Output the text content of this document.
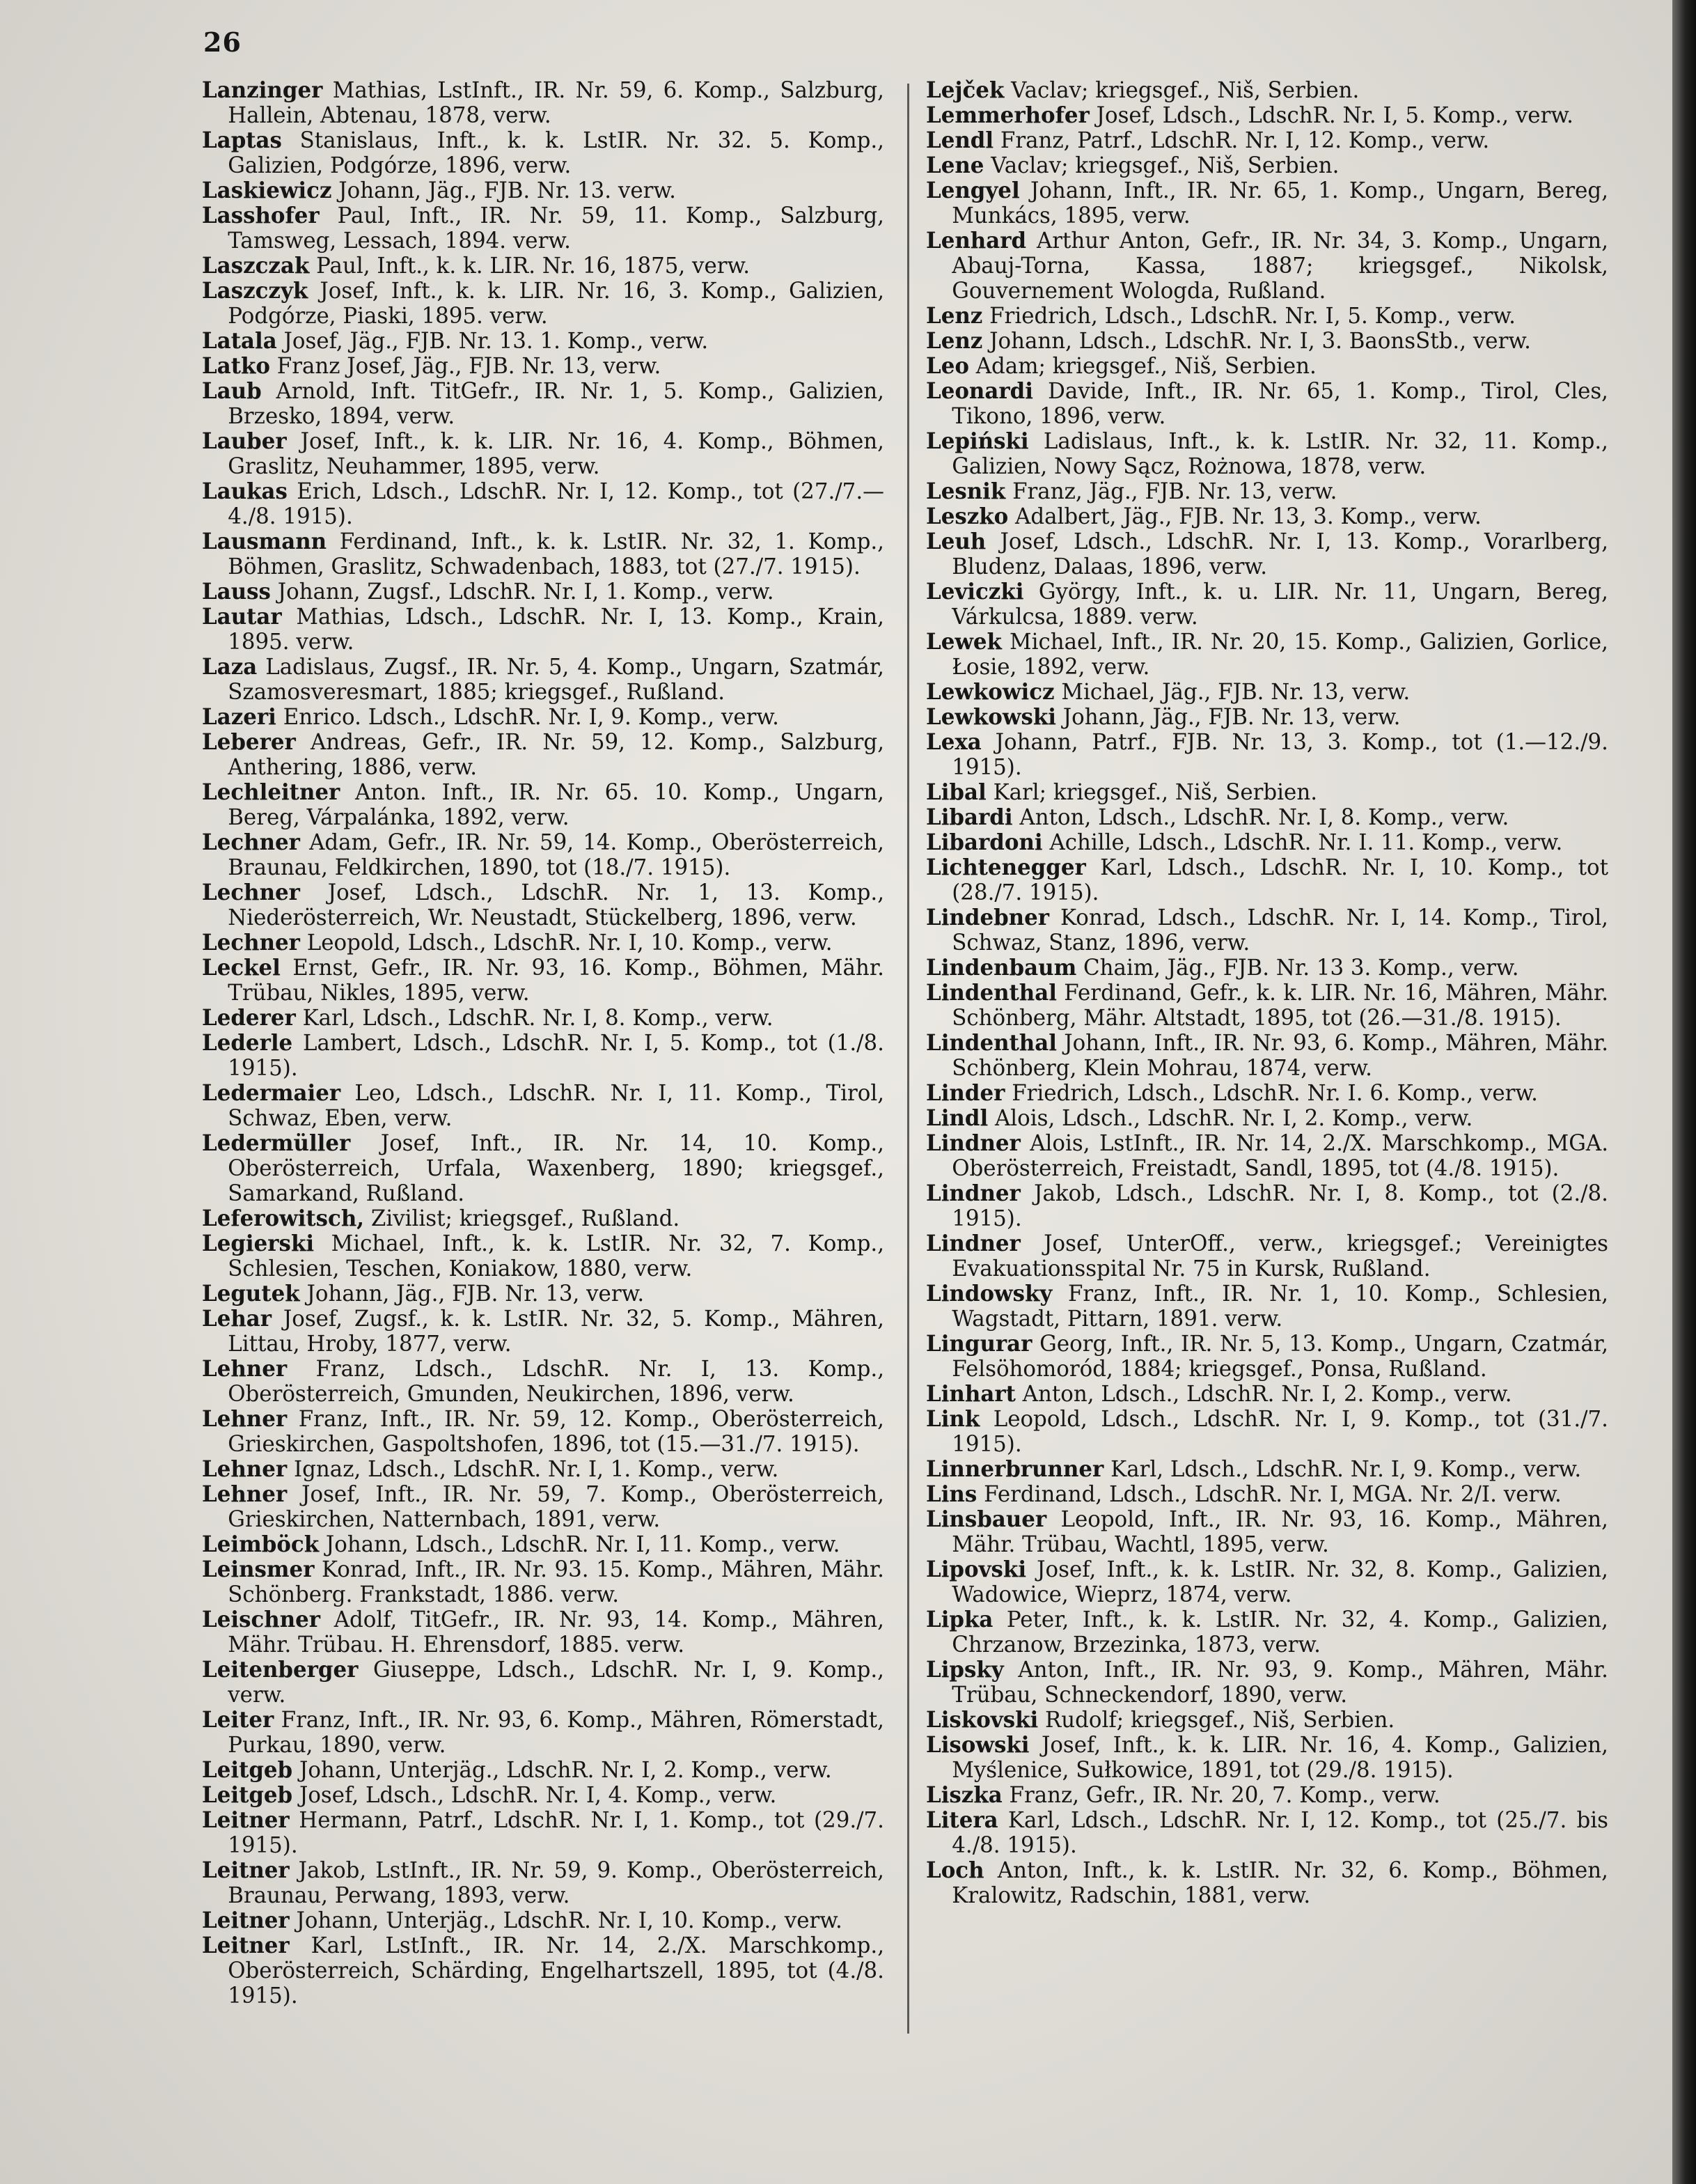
26

Lanzinger Mathias, LstInft., IR. Nr. 59, 6. Komp., Salzburg, Hallein, Abtenau, 1878, verw.

Laptas Stanislaus, Inft., k. k. LstIR. Nr. 32. 5. Komp., Galizien, Podgórze, 1896, verw.

Laskiewicz Johann, Jäg., FJB. Nr. 13. verw.

Lasshofer Paul, Inft., IR. Nr. 59, 11. Komp., Salzburg, Tamsweg, Lessach, 1894. verw.

Laszczak Paul, Inft., k. k. LIR. Nr. 16, 1875, verw.

Laszczyk Josef, Inft., k. k. LIR. Nr. 16, 3. Komp., Galizien, Podgórze, Piaski, 1895. verw.

Latala Josef, Jäg., FJB. Nr. 13. 1. Komp., verw.

Latko Franz Josef, Jäg., FJB. Nr. 13, verw.

Laub Arnold, Inft. TitGefr., IR. Nr. 1, 5. Komp., Galizien, Brzesko, 1894, verw.

Lauber Josef, Inft., k. k. LIR. Nr. 16, 4. Komp., Böhmen, Graslitz, Neuhammer, 1895, verw.

Laukas Erich, Ldsch., LdschR. Nr. I, 12. Komp., tot (27./7.—4./8. 1915).

Lausmann Ferdinand, Inft., k. k. LstIR. Nr. 32, 1. Komp., Böhmen, Graslitz, Schwadenbach, 1883, tot (27./7. 1915).

Lauss Johann, Zugsf., LdschR. Nr. I, 1. Komp., verw.

Lautar Mathias, Ldsch., LdschR. Nr. I, 13. Komp., Krain, 1895. verw.

Laza Ladislaus, Zugsf., IR. Nr. 5, 4. Komp., Ungarn, Szatmár, Szamosveresmart, 1885; kriegsgef., Rußland.

Lazeri Enrico. Ldsch., LdschR. Nr. I, 9. Komp., verw.

Leberer Andreas, Gefr., IR. Nr. 59, 12. Komp., Salzburg, Anthering, 1886, verw.

Lechleitner Anton. Inft., IR. Nr. 65. 10. Komp., Ungarn, Bereg, Várpalánka, 1892, verw.

Lechner Adam, Gefr., IR. Nr. 59, 14. Komp., Oberösterreich, Braunau, Feldkirchen, 1890, tot (18./7. 1915).

Lechner Josef, Ldsch., LdschR. Nr. 1, 13. Komp., Niederösterreich, Wr. Neustadt, Stückelberg, 1896, verw.

Lechner Leopold, Ldsch., LdschR. Nr. I, 10. Komp., verw.

Leckel Ernst, Gefr., IR. Nr. 93, 16. Komp., Böhmen, Mähr. Trübau, Nikles, 1895, verw.

Lederer Karl, Ldsch., LdschR. Nr. I, 8. Komp., verw.

Lederle Lambert, Ldsch., LdschR. Nr. I, 5. Komp., tot (1./8. 1915).

Ledermaier Leo, Ldsch., LdschR. Nr. I, 11. Komp., Tirol, Schwaz, Eben, verw.

Ledermüller Josef, Inft., IR. Nr. 14, 10. Komp., Oberösterreich, Urfala, Waxenberg, 1890; kriegsgef., Samarkand, Rußland.

Leferowitsch, Zivilist; kriegsgef., Rußland.

Legierski Michael, Inft., k. k. LstIR. Nr. 32, 7. Komp., Schlesien, Teschen, Koniakow, 1880, verw.

Legutek Johann, Jäg., FJB. Nr. 13, verw.

Lehar Josef, Zugsf., k. k. LstIR. Nr. 32, 5. Komp., Mähren, Littau, Hroby, 1877, verw.

Lehner Franz, Ldsch., LdschR. Nr. I, 13. Komp., Oberösterreich, Gmunden, Neukirchen, 1896, verw.

Lehner Franz, Inft., IR. Nr. 59, 12. Komp., Oberösterreich, Grieskirchen, Gaspoltshofen, 1896, tot (15.—31./7. 1915).

Lehner Ignaz, Ldsch., LdschR. Nr. I, 1. Komp., verw.

Lehner Josef, Inft., IR. Nr. 59, 7. Komp., Oberösterreich, Grieskirchen, Natternbach, 1891, verw.

Leimböck Johann, Ldsch., LdschR. Nr. I, 11. Komp., verw.

Leinsmer Konrad, Inft., IR. Nr. 93. 15. Komp., Mähren, Mähr. Schönberg. Frankstadt, 1886. verw.

Leischner Adolf, TitGefr., IR. Nr. 93, 14. Komp., Mähren, Mähr. Trübau. H. Ehrensdorf, 1885. verw.

Leitenberger Giuseppe, Ldsch., LdschR. Nr. I, 9. Komp., verw.

Leiter Franz, Inft., IR. Nr. 93, 6. Komp., Mähren, Römerstadt, Purkau, 1890, verw.

Leitgeb Johann, Unterjäg., LdschR. Nr. I, 2. Komp., verw.

Leitgeb Josef, Ldsch., LdschR. Nr. I, 4. Komp., verw.

Leitner Hermann, Patrf., LdschR. Nr. I, 1. Komp., tot (29./7. 1915).

Leitner Jakob, LstInft., IR. Nr. 59, 9. Komp., Oberösterreich, Braunau, Perwang, 1893, verw.

Leitner Johann, Unterjäg., LdschR. Nr. I, 10. Komp., verw.

Leitner Karl, LstInft., IR. Nr. 14, 2./X. Marschkomp., Oberösterreich, Schärding, Engelhartszell, 1895, tot (4./8. 1915).

Lejček Vaclav; kriegsgef., Niš, Serbien.

Lemmerhofer Josef, Ldsch., LdschR. Nr. I, 5. Komp., verw.

Lendl Franz, Patrf., LdschR. Nr. I, 12. Komp., verw.

Lene Vaclav; kriegsgef., Niš, Serbien.

Lengyel Johann, Inft., IR. Nr. 65, 1. Komp., Ungarn, Bereg, Munkács, 1895, verw.

Lenhard Arthur Anton, Gefr., IR. Nr. 34, 3. Komp., Ungarn, Abauj-Torna, Kassa, 1887; kriegsgef., Nikolsk, Gouvernement Wologda, Rußland.

Lenz Friedrich, Ldsch., LdschR. Nr. I, 5. Komp., verw.

Lenz Johann, Ldsch., LdschR. Nr. I, 3. BaonsStb., verw.

Leo Adam; kriegsgef., Niš, Serbien.

Leonardi Davide, Inft., IR. Nr. 65, 1. Komp., Tirol, Cles, Tikono, 1896, verw.

Lepiński Ladislaus, Inft., k. k. LstIR. Nr. 32, 11. Komp., Galizien, Nowy Sącz, Rożnowa, 1878, verw.

Lesnik Franz, Jäg., FJB. Nr. 13, verw.

Leszko Adalbert, Jäg., FJB. Nr. 13, 3. Komp., verw.

Leuh Josef, Ldsch., LdschR. Nr. I, 13. Komp., Vorarlberg, Bludenz, Dalaas, 1896, verw.

Leviczki György, Inft., k. u. LIR. Nr. 11, Ungarn, Bereg, Várkulcsa, 1889. verw.

Lewek Michael, Inft., IR. Nr. 20, 15. Komp., Galizien, Gorlice, Łosie, 1892, verw.

Lewkowicz Michael, Jäg., FJB. Nr. 13, verw.

Lewkowski Johann, Jäg., FJB. Nr. 13, verw.

Lexa Johann, Patrf., FJB. Nr. 13, 3. Komp., tot (1.—12./9. 1915).

Libal Karl; kriegsgef., Niš, Serbien.

Libardi Anton, Ldsch., LdschR. Nr. I, 8. Komp., verw.

Libardoni Achille, Ldsch., LdschR. Nr. I. 11. Komp., verw.

Lichtenegger Karl, Ldsch., LdschR. Nr. I, 10. Komp., tot (28./7. 1915).

Lindebner Konrad, Ldsch., LdschR. Nr. I, 14. Komp., Tirol, Schwaz, Stanz, 1896, verw.

Lindenbaum Chaim, Jäg., FJB. Nr. 13 3. Komp., verw.

Lindenthal Ferdinand, Gefr., k. k. LIR. Nr. 16, Mähren, Mähr. Schönberg, Mähr. Altstadt, 1895, tot (26.—31./8. 1915).

Lindenthal Johann, Inft., IR. Nr. 93, 6. Komp., Mähren, Mähr. Schönberg, Klein Mohrau, 1874, verw.

Linder Friedrich, Ldsch., LdschR. Nr. I. 6. Komp., verw.

Lindl Alois, Ldsch., LdschR. Nr. I, 2. Komp., verw.

Lindner Alois, LstInft., IR. Nr. 14, 2./X. Marschkomp., MGA. Oberösterreich, Freistadt, Sandl, 1895, tot (4./8. 1915).

Lindner Jakob, Ldsch., LdschR. Nr. I, 8. Komp., tot (2./8. 1915).

Lindner Josef, UnterOff., verw., kriegsgef.; Vereinigtes Evakuationsspital Nr. 75 in Kursk, Rußland.

Lindowsky Franz, Inft., IR. Nr. 1, 10. Komp., Schlesien, Wagstadt, Pittarn, 1891. verw.

Lingurar Georg, Inft., IR. Nr. 5, 13. Komp., Ungarn, Czatmár, Felsöhomoród, 1884; kriegsgef., Ponsa, Rußland.

Linhart Anton, Ldsch., LdschR. Nr. I, 2. Komp., verw.

Link Leopold, Ldsch., LdschR. Nr. I, 9. Komp., tot (31./7. 1915).

Linnerbrunner Karl, Ldsch., LdschR. Nr. I, 9. Komp., verw.

Lins Ferdinand, Ldsch., LdschR. Nr. I, MGA. Nr. 2/I. verw.

Linsbauer Leopold, Inft., IR. Nr. 93, 16. Komp., Mähren, Mähr. Trübau, Wachtl, 1895, verw.

Lipovski Josef, Inft., k. k. LstIR. Nr. 32, 8. Komp., Galizien, Wadowice, Wieprz, 1874, verw.

Lipka Peter, Inft., k. k. LstIR. Nr. 32, 4. Komp., Galizien, Chrzanow, Brzezinka, 1873, verw.

Lipsky Anton, Inft., IR. Nr. 93, 9. Komp., Mähren, Mähr. Trübau, Schneckendorf, 1890, verw.

Liskovski Rudolf; kriegsgef., Niš, Serbien.

Lisowski Josef, Inft., k. k. LIR. Nr. 16, 4. Komp., Galizien, Myślenice, Sułkowice, 1891, tot (29./8. 1915).

Liszka Franz, Gefr., IR. Nr. 20, 7. Komp., verw.

Litera Karl, Ldsch., LdschR. Nr. I, 12. Komp., tot (25./7. bis 4./8. 1915).

Loch Anton, Inft., k. k. LstIR. Nr. 32, 6. Komp., Böhmen, Kralowitz, Radschin, 1881, verw.
